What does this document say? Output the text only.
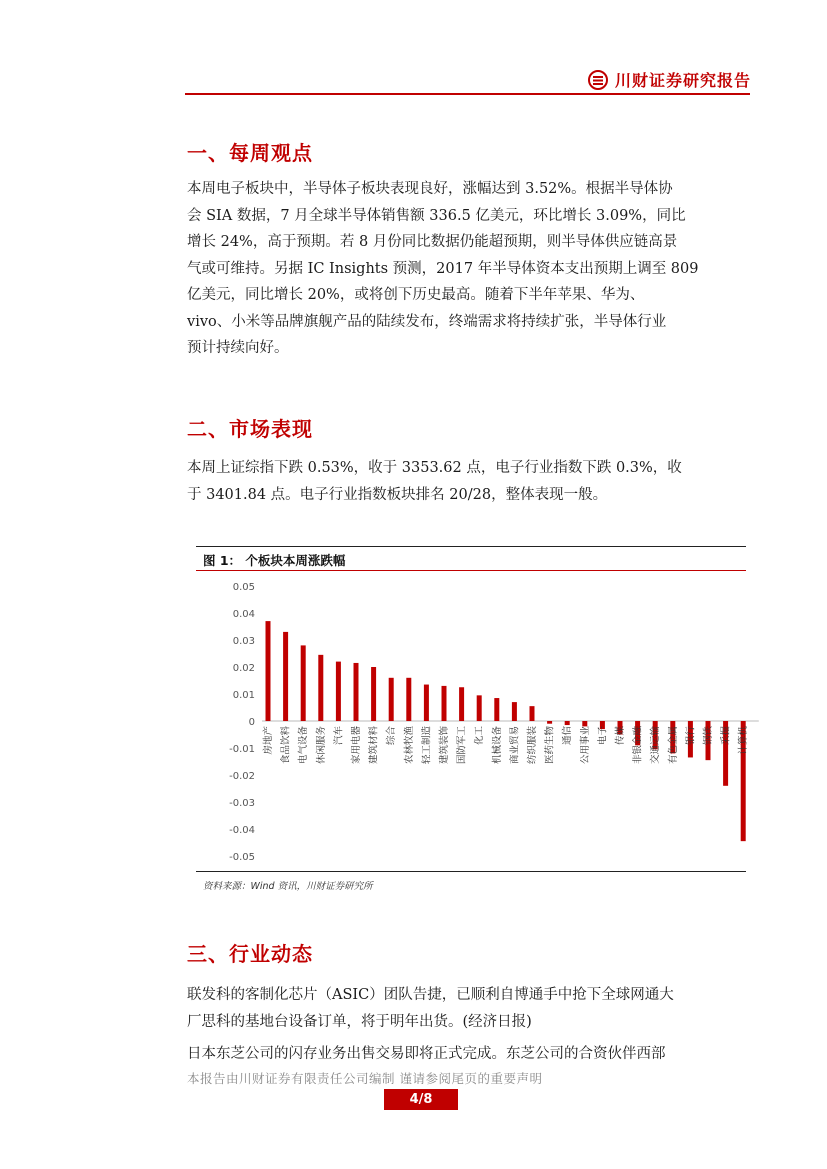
川财证券研究报告
一、每周观点
本周电子板块中，半导体子板块表现良好，涨幅达到 3.52%。根据半导体协
会 SIA 数据，7 月全球半导体销售额 336.5 亿美元，环比增长 3.09%，同比
增长 24%，高于预期。若 8 月份同比数据仍能超预期，则半导体供应链高景
气或可维持。另据 IC Insights 预测，2017 年半导体资本支出预期上调至 809
亿美元，同比增长 20%，或将创下历史最高。随着下半年苹果、华为、
vivo、小米等品牌旗舰产品的陆续发布，终端需求将持续扩张，半导体行业
预计持续向好。
二、市场表现
本周上证综指下跌 0.53%，收于 3353.62 点，电子行业指数下跌 0.3%，收
于 3401.84 点。电子行业指数板块排名 20/28，整体表现一般。
图 1： 个板块本周涨跌幅
0.05
0.04
0.03
0.02
0.01
0
-0.01
-0.02
-0.03
-0.04
-0.05
房地产 食品饮料 电气设备 休闲服务 汽车 家用电器 建筑材料 综合 农林牧渔 轻工制造 建筑装饰 国防军工 化工 机械设备 商业贸易 纺织服装 医药生物 通信 公用事业 电子 传媒 非银金融 交通运输 有色金属 银行 钢铁 采掘 计算机
资料来源：Wind 资讯，川财证券研究所
三、行业动态
联发科的客制化芯片（ASIC）团队告捷，已顺利自博通手中抢下全球网通大
厂思科的基地台设备订单，将于明年出货。(经济日报)
日本东芝公司的闪存业务出售交易即将正式完成。东芝公司的合资伙伴西部
本报告由川财证券有限责任公司编制 谨请参阅尾页的重要声明
4/8
